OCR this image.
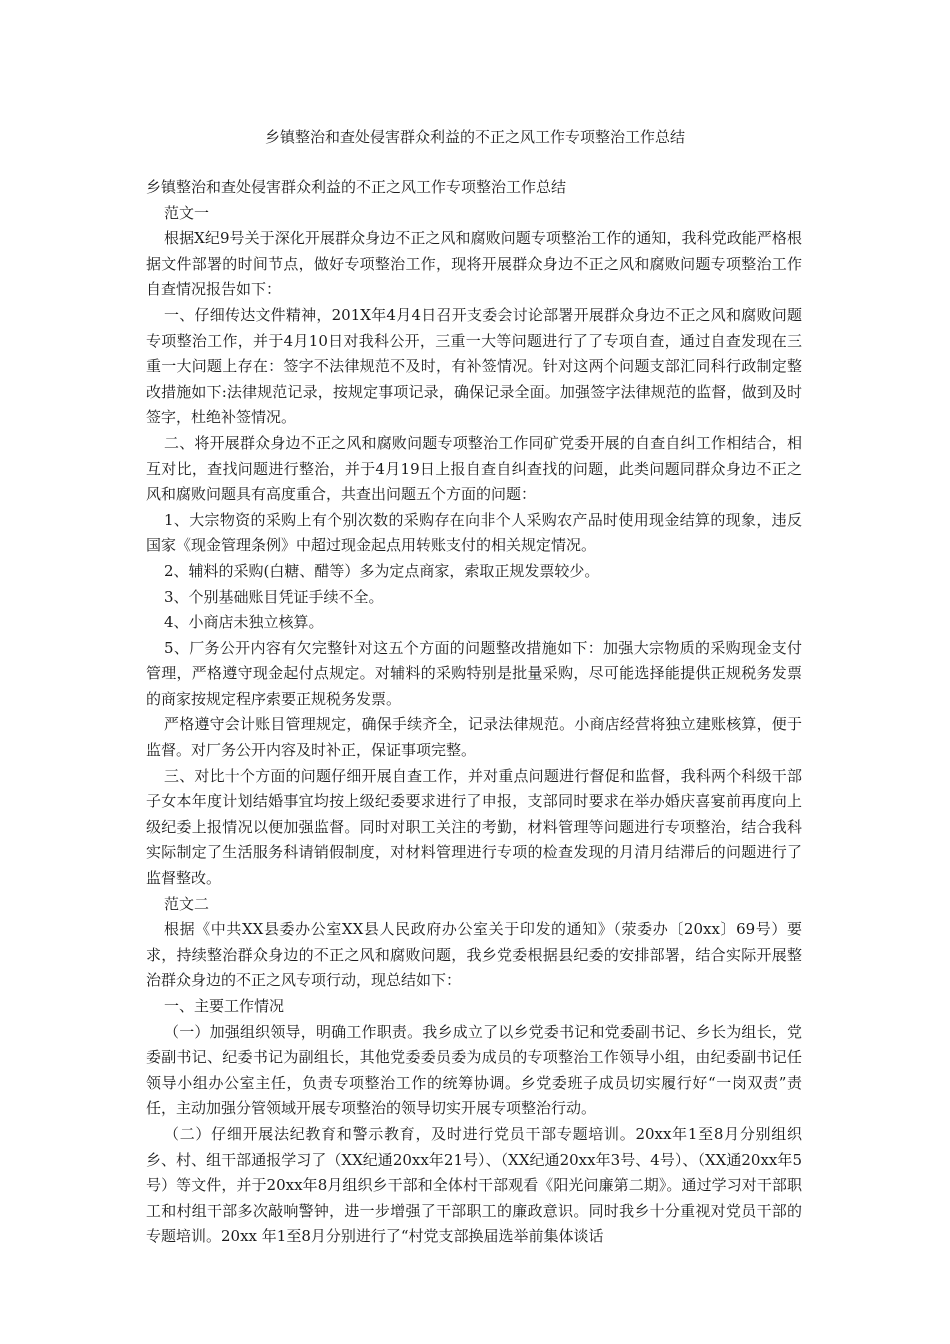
乡镇整治和查处侵害群众利益的不正之风工作专项整治工作总结

乡镇整治和查处侵害群众利益的不正之风工作专项整治工作总结

范文一

根据X纪9号关于深化开展群众身边不正之风和腐败问题专项整治工作的通知，我科党政能严格根据文件部署的时间节点，做好专项整治工作，现将开展群众身边不正之风和腐败问题专项整治工作自查情况报告如下：

一、仔细传达文件精神，201X年4月4日召开支委会讨论部署开展群众身边不正之风和腐败问题专项整治工作，并于4月10日对我科公开，三重一大等问题进行了了专项自查，通过自查发现在三重一大问题上存在：签字不法律规范不及时，有补签情况。针对这两个问题支部汇同科行政制定整改措施如下:法律规范记录，按规定事项记录，确保记录全面。加强签字法律规范的监督，做到及时签字，杜绝补签情况。

二、将开展群众身边不正之风和腐败问题专项整治工作同矿党委开展的自查自纠工作相结合，相互对比，查找问题进行整治，并于4月19日上报自查自纠查找的问题，此类问题同群众身边不正之风和腐败问题具有高度重合，共查出问题五个方面的问题：

1、大宗物资的采购上有个别次数的采购存在向非个人采购农产品时使用现金结算的现象，违反国家《现金管理条例》中超过现金起点用转账支付的相关规定情况。

2、辅料的采购(白糖、醋等）多为定点商家，索取正规发票较少。

3、个别基础账目凭证手续不全。

4、小商店未独立核算。

5、厂务公开内容有欠完整针对这五个方面的问题整改措施如下：加强大宗物质的采购现金支付管理，严格遵守现金起付点规定。对辅料的采购特别是批量采购，尽可能选择能提供正规税务发票的商家按规定程序索要正规税务发票。

严格遵守会计账目管理规定，确保手续齐全，记录法律规范。小商店经营将独立建账核算，便于监督。对厂务公开内容及时补正，保证事项完整。

三、对比十个方面的问题仔细开展自查工作，并对重点问题进行督促和监督，我科两个科级干部子女本年度计划结婚事宜均按上级纪委要求进行了申报，支部同时要求在举办婚庆喜宴前再度向上级纪委上报情况以便加强监督。同时对职工关注的考勤，材料管理等问题进行专项整治，结合我科实际制定了生活服务科请销假制度，对材料管理进行专项的检查发现的月清月结滞后的问题进行了监督整改。

范文二

根据《中共XX县委办公室XX县人民政府办公室关于印发的通知》（荥委办〔20xx〕69号）要求，持续整治群众身边的不正之风和腐败问题，我乡党委根据县纪委的安排部署，结合实际开展整治群众身边的不正之风专项行动，现总结如下：

一、主要工作情况

（一）加强组织领导，明确工作职责。我乡成立了以乡党委书记和党委副书记、乡长为组长，党委副书记、纪委书记为副组长，其他党委委员委为成员的专项整治工作领导小组，由纪委副书记任领导小组办公室主任，负责专项整治工作的统筹协调。乡党委班子成员切实履行好“一岗双责”责任，主动加强分管领域开展专项整治的领导切实开展专项整治行动。

（二）仔细开展法纪教育和警示教育，及时进行党员干部专题培训。20xx年1至8月分别组织乡、村、组干部通报学习了（XX纪通20xx年21号）、（XX纪通20xx年3号、4号）、（XX通20xx年5号）等文件，并于20xx年8月组织乡干部和全体村干部观看《阳光问廉第二期》。通过学习对干部职工和村组干部多次敲响警钟，进一步增强了干部职工的廉政意识。同时我乡十分重视对党员干部的专题培训。20xx 年1至8月分别进行了“村党支部换届选举前集体谈话
